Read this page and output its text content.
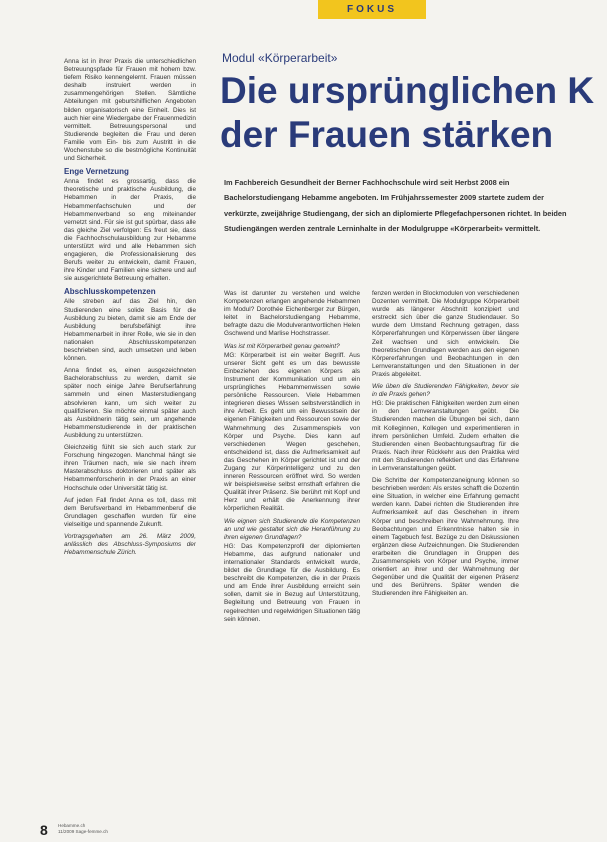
FOKUS

Anna ist in ihrer Praxis die unterschiedlichen Betreuungspfade für Frauen mit hohem bzw. tiefem Risiko kennengelernt. Frauen müssen deshalb instruiert werden in zusammengehörigen Stellen. Sämtliche Abteilungen mit geburtshilflichen Angeboten bilden organisatorisch eine Einheit. Dies ist auch hier eine Wiedergabe der Frauenmedizin vermittelt. Betreuungspersonal und Studierende begleiten die Frau und deren Familie vom Ein- bis zum Austritt in die Wochenstube so die bestmögliche Kontinuität und Sicherheit.

Enge Vernetzung

Anna findet es grossartig, dass die theoretische und praktische Ausbildung, die Hebammen in der Praxis, die Hebammenfachschulen und der Hebammenverband so eng miteinander vernetzt sind. Für sie ist gut spürbar, dass alle das gleiche Ziel verfolgen: Es freut sie, dass die Fachhochschulausbildung zur Hebamme unterstützt wird und alle Hebammen sich engagieren, die Professionalisierung des Berufs weiter zu entwickeln, damit Frauen, ihre Kinder und Familien eine sichere und auf sie ausgerichtete Betreuung erhalten.

Abschlusskompetenzen

Alle streben auf das Ziel hin, den Studierenden eine solide Basis für die Ausbildung zu bieten, damit sie am Ende der Ausbildung berufsbefähigt ihre Hebammenarbeit in ihrer Rolle, wie sie in den nationalen Abschlusskompetenzen beschrieben sind, auch umsetzen und leben können.

Anna findet es, einen ausgezeichneten Bachelorabschluss zu werden, damit sie später noch einige Jahre Berufserfahrung sammeln und einen Masterstudiengang absolvieren kann, um sich weiter zu qualifizieren. Sie möchte einmal später auch als Ausbildnerin tätig sein, um angehende Hebammenstudierende in der praktischen Ausbildung zu unterstützen.

Gleichzeitig fühlt sie sich auch stark zur Forschung hingezogen. Manchmal hängt sie ihren Träumen nach, wie sie nach ihrem Masterabschluss doktorieren und später als Hebammenforscherin in der Praxis an einer Hochschule oder Universität tätig ist.

Auf jeden Fall findet Anna es toll, dass mit dem Berufsverband im Hebammenberuf die Grundlagen geschaffen wurden für eine vielseitige und spannende Zukunft.

Vortragsgehalten am 26. März 2009, anlässlich des Abschluss-Symposiums der Hebammenschule Zürich.

Modul «Körperarbeit»
Die ursprünglichen K
der Frauen stärken

Im Fachbereich Gesundheit der Berner Fachhochschule wird seit Herbst 2008 ein Bachelorstudiengang Hebamme angeboten. Im Frühjahrssemester 2009 startete zudem der verkürzte, zweijährige Studiengang, der sich an diplomierte Pflegefachpersonen richtet. In beiden Studiengängen werden zentrale Lerninhalte in der Modulgruppe «Körperarbeit» vermittelt.

Was ist darunter zu verstehen und welche Kompetenzen erlangen angehende Hebammen im Modul? Dorothée Eichenberger zur Bürgen, leitet in Bachelorstudiengang Hebamme, befragte dazu die Modulverantwortlichen Helen Gschwend und Marlise Hochstrasser.

Was ist mit Körperarbeit genau gemeint?

MG: Körperarbeit ist ein weiter Begriff. Aus unserer Sicht geht es um das bewusste Einbeziehen des eigenen Körpers als Instrument der Kommunikation und um ein ursprüngliches Hebammenwissen sowie persönliche Ressourcen. Viele Hebammen integrieren dieses Wissen selbstverständlich in ihre Arbeit. Es geht um ein Bewusstsein der eigenen Fähigkeiten und Ressourcen sowie der Wahrnehmung des Zusammenspiels von Körper und Psyche. Dies kann auf verschiedenen Wegen geschehen, entscheidend ist, dass die Aufmerksamkeit auf das Geschehen im Körper gerichtet ist und der Zugang zur Körperintelligenz und zu den inneren Ressourcen eröffnet wird. So werden wir beispielsweise selbst ernsthaft erfahren die Qualität ihrer Präsenz. Sie berührt mit Kopf und Herz und erhält die Anerkennung ihrer körperlichen Realität.

Wie eignen sich Studierende die Kompetenzen an und wie gestaltet sich die Heranführung zu ihren eigenen Grundlagen?

HG: Das Kompetenzprofil der diplomierten Hebamme, das aufgrund nationaler und internationaler Standards entwickelt wurde, bildet die Grundlage für die Ausbildung. Es beschreibt die Kompetenzen, die in der Praxis und am Ende ihrer Ausbildung erreicht sein sollen, damit sie in Bezug auf Unterstützung, Begleitung und Betreuung von Frauen in regelrechten und regelwidrigen Situationen tätig sein können.

fenzen werden in Blockmodulen von verschiedenen Dozenten vermittelt. Die Modulgruppe Körperarbeit wurde als längerer Abschnitt konzipiert und erstreckt sich über die ganze Studiendauer. So wurde dem Umstand Rechnung getragen, dass Körpererfahrungen und Körperwissen über längere Zeit wachsen und sich entwickeln. Die theoretischen Grundlagen werden aus den eigenen Körpererfahrungen und Beobachtungen in den Lernveranstaltungen und den Situationen in der Praxis abgeleitet.

Wie üben die Studierenden Fähigkeiten, bevor sie in die Praxis gehen?

HG: Die praktischen Fähigkeiten werden zum einen in den Lernveranstaltungen geübt. Die Studierenden machen die Übungen bei sich, dann mit Kolleginnen, Kollegen und experimentieren in ihrem persönlichen Umfeld. Zudem erhalten die Studierenden einen Beobachtungsauftrag für die Praxis. Nach ihrer Rückkehr aus den Praktika wird mit den Studierenden reflektiert und das Erfahrene in Lernveranstaltungen geübt.

Die Schritte der Kompetenzaneignung können so beschrieben werden: Als erstes schafft die Dozentin eine Situation, in welcher eine Erfahrung gemacht werden kann. Dabei richten die Studierenden ihre Aufmerksamkeit auf das Geschehen in ihrem Körper und beschreiben ihre Wahrnehmung. Ihre Beobachtungen und Erkenntnisse halten sie in einem Tagebuch fest. Bezüge zu den Diskussionen ergänzen diese Aufzeichnungen. Die Studierenden erarbeiten die Grundlagen in Gruppen des Zusammenspiels von Körper und Psyche, immer orientiert an ihrer und der Wahrnehmung der Gegenüber und die Qualität der eigenen Präsenz und des Berührens. Später wenden die Studierenden ihre Fähigkeiten an.

8 Hebamme.ch
11/2009 Sage-femme.ch
